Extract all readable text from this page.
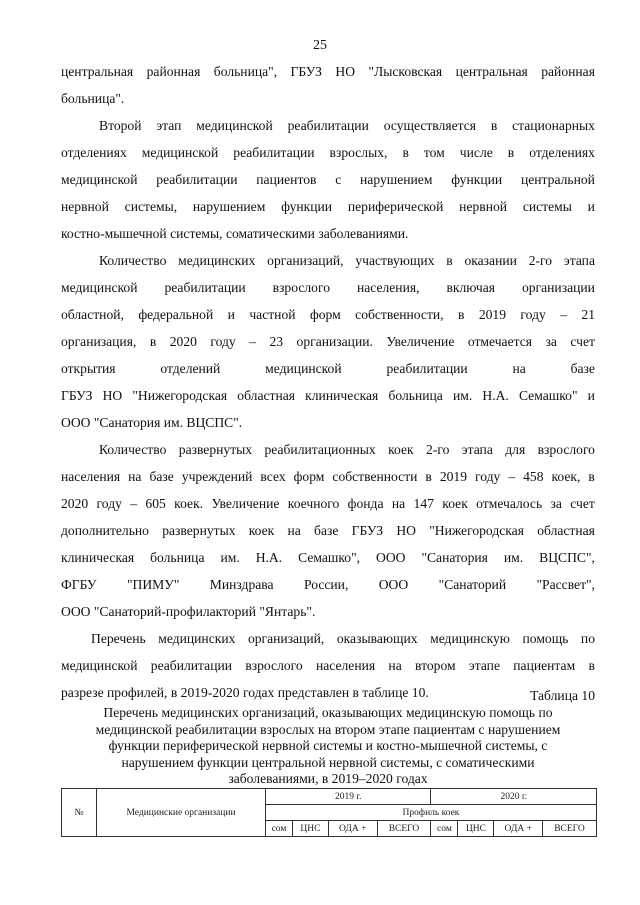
25
центральная районная больница", ГБУЗ НО "Лысковская центральная районная
больница".
Второй этап медицинской реабилитации осуществляется в стационарных
отделениях медицинской реабилитации взрослых, в том числе в отделениях
медицинской реабилитации пациентов с нарушением функции центральной
нервной системы, нарушением функции периферической нервной системы и
костно-мышечной системы, соматическими заболеваниями.
Количество медицинских организаций, участвующих в оказании 2-го этапа
медицинской реабилитации взрослого населения, включая организации
областной, федеральной и частной форм собственности, в 2019 году – 21
организация, в 2020 году – 23 организации. Увеличение отмечается за счет
открытия	отделений	медицинской	реабилитации	на	базе
ГБУЗ НО "Нижегородская областная клиническая больница им. Н.А. Семашко" и
ООО "Санатория им. ВЦСПС".
Количество развернутых реабилитационных коек 2-го этапа для взрослого
населения на базе учреждений всех форм собственности в 2019 году – 458 коек, в
2020 году – 605 коек. Увеличение коечного фонда на 147 коек отмечалось за счет
дополнительно развернутых коек на базе ГБУЗ НО "Нижегородская областная
клиническая больница им. Н.А. Семашко", ООО "Санатория им. ВЦСПС",
ФГБУ "ПИМУ" Минздрава России, ООО "Санаторий "Рассвет",
ООО "Санаторий-профилакторий "Янтарь".
Перечень медицинских организаций, оказывающих медицинскую помощь по
медицинской реабилитации взрослого населения на втором этапе пациентам в
разрезе профилей, в 2019-2020 годах представлен в таблице 10.	Таблица 10
Перечень медицинских организаций, оказывающих медицинскую помощь по
медицинской реабилитации взрослых на втором этапе пациентам с нарушением
функции периферической нервной системы и костно-мышечной системы, с
нарушением функции центральной нервной системы, с соматическими
заболеваниями, в 2019–2020 годах
№	Медицинские организации	2019 г.				2020 г.			
		Профиль коек							
		сом	ЦНС	ОДА +	ВСЕГО	сом	ЦНС	ОДА +	ВСЕГО
